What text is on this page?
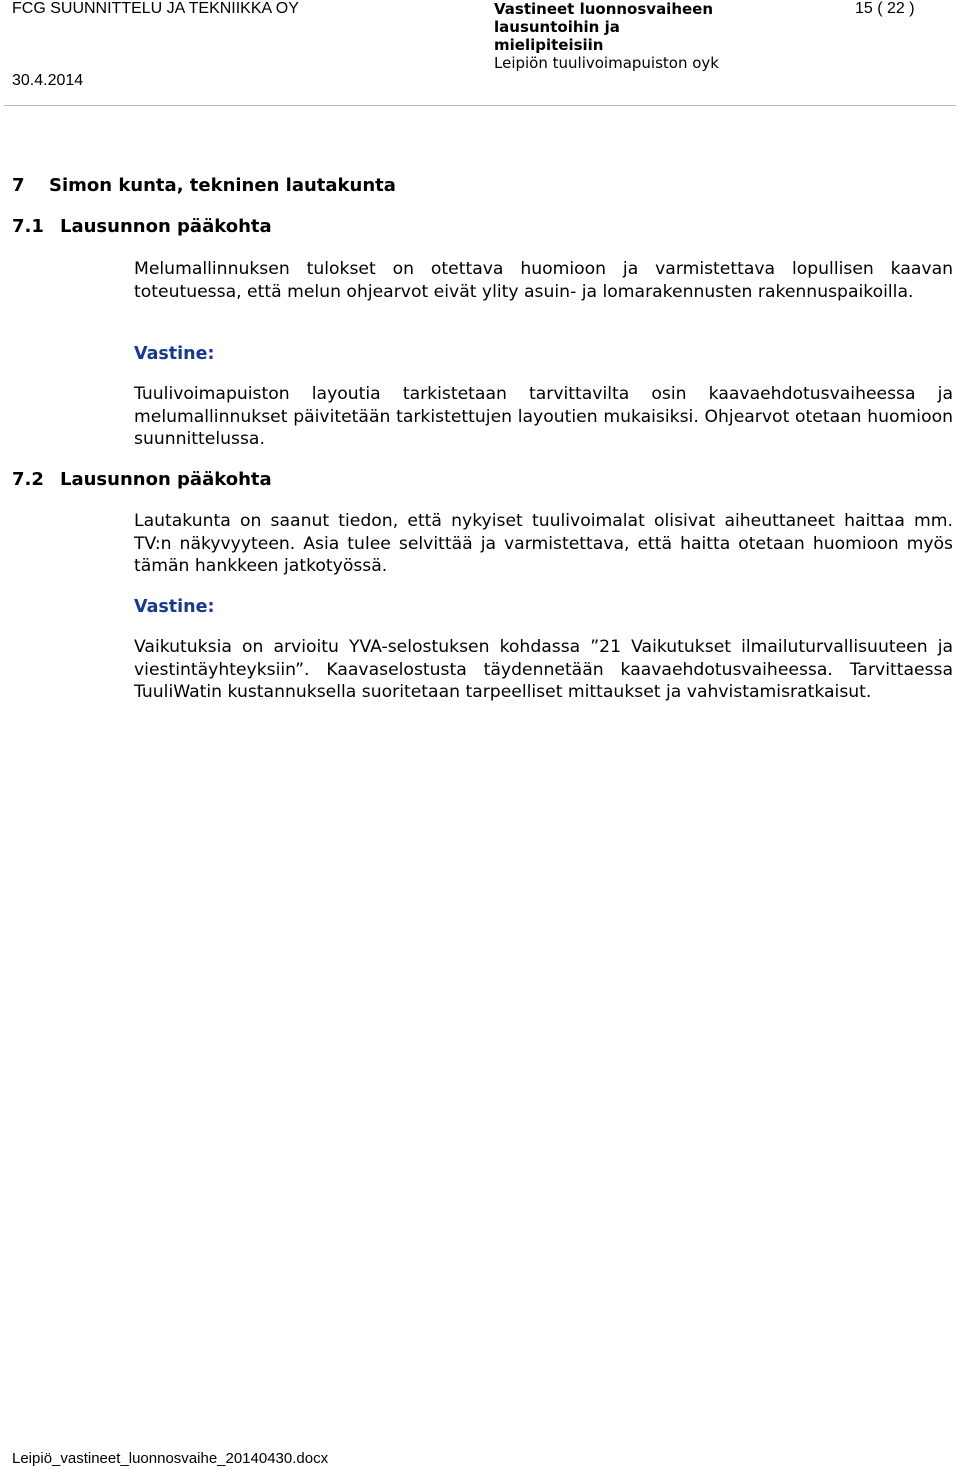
FCG SUUNNITTELU JA TEKNIIKKA OY
30.4.2014
Vastineet luonnosvaiheen
lausuntoihin ja
mielipiteisiin
Leipiön tuulivoimapuiston oyk
15 ( 22 )
7 Simon kunta, tekninen lautakunta
7.1 Lausunnon pääkohta
Melumallinnuksen tulokset on otettava huomioon ja varmistettava lopullisen kaavan toteutuessa, että melun ohjearvot eivät ylity asuin- ja lomarakennusten rakennuspaikoilla.
Vastine:
Tuulivoimapuiston layoutia tarkistetaan tarvittavilta osin kaavaehdotusvaiheessa ja melumallinnukset päivitetään tarkistettujen layoutien mukaisiksi. Ohjearvot otetaan huomioon suunnittelussa.
7.2 Lausunnon pääkohta
Lautakunta on saanut tiedon, että nykyiset tuulivoimalat olisivat aiheuttaneet haittaa mm. TV:n näkyvyyteen. Asia tulee selvittää ja varmistettava, että haitta otetaan huomioon myös tämän hankkeen jatkotyössä.
Vastine:
Vaikutuksia on arvioitu YVA-selostuksen kohdassa ”21 Vaikutukset ilmailuturvallisuuteen ja viestintäyhteyksiin”. Kaavaselostusta täydennetään kaavaehdotusvaiheessa. Tarvittaessa TuuliWatin kustannuksella suoritetaan tarpeelliset mittaukset ja vahvistamisratkaisut.
Leipiö_vastineet_luonnosvaihe_20140430.docx
